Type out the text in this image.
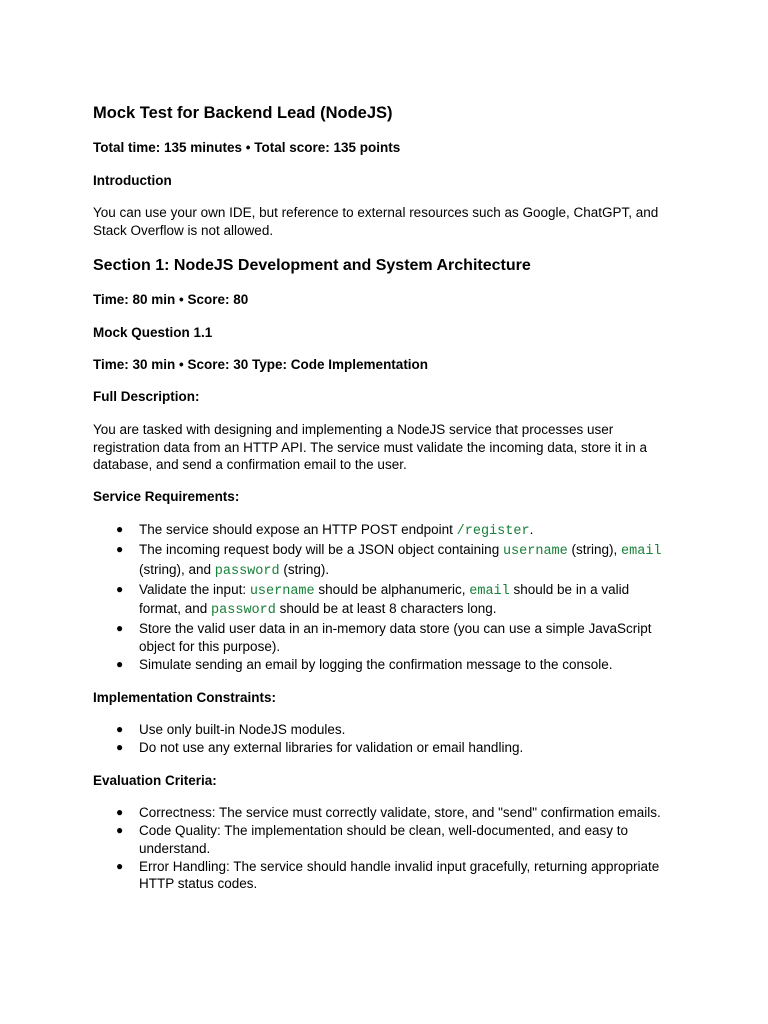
Mock Test for Backend Lead (NodeJS)

Total time: 135 minutes • Total score: 135 points

Introduction

You can use your own IDE, but reference to external resources such as Google, ChatGPT, and Stack Overflow is not allowed.

Section 1: NodeJS Development and System Architecture

Time: 80 min • Score: 80

Mock Question 1.1

Time: 30 min • Score: 30 Type: Code Implementation

Full Description:

You are tasked with designing and implementing a NodeJS service that processes user registration data from an HTTP API. The service must validate the incoming data, store it in a database, and send a confirmation email to the user.

Service Requirements:

● The service should expose an HTTP POST endpoint /register.
● The incoming request body will be a JSON object containing username (string), email (string), and password (string).
● Validate the input: username should be alphanumeric, email should be in a valid format, and password should be at least 8 characters long.
● Store the valid user data in an in-memory data store (you can use a simple JavaScript object for this purpose).
● Simulate sending an email by logging the confirmation message to the console.

Implementation Constraints:

● Use only built-in NodeJS modules.
● Do not use any external libraries for validation or email handling.

Evaluation Criteria:

● Correctness: The service must correctly validate, store, and "send" confirmation emails.
● Code Quality: The implementation should be clean, well-documented, and easy to understand.
● Error Handling: The service should handle invalid input gracefully, returning appropriate HTTP status codes.
